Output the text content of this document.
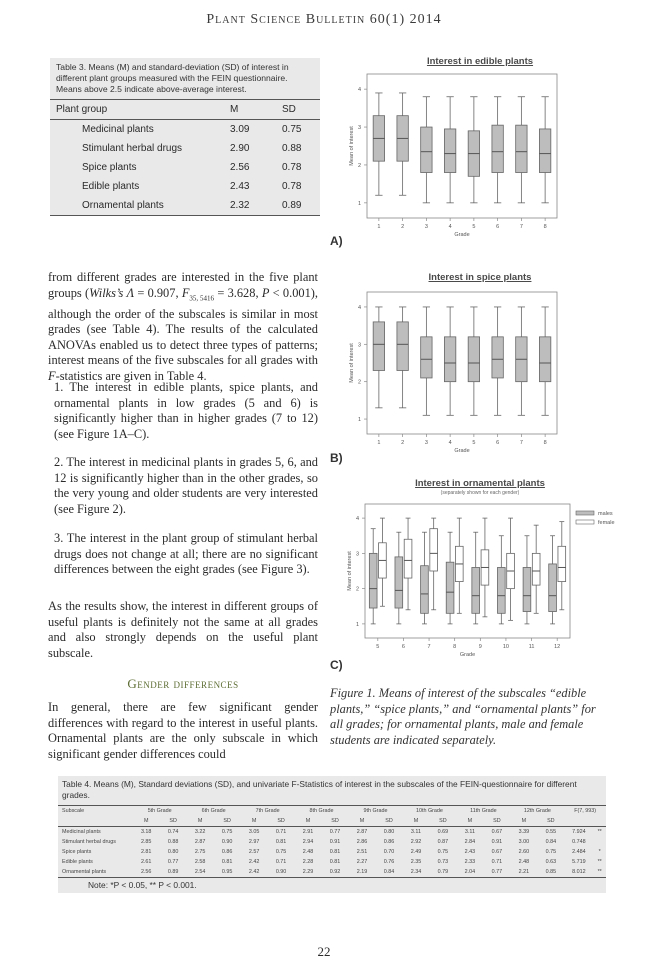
Plant Science Bulletin 60(1) 2014
Table 3. Means (M) and standard-deviation (SD) of interest in different plant groups measured with the FEIN questionnaire. Means above 2.5 indicate above-average interest.
Plant group	M	SD
Medicinal plants	3.09	0.75
Stimulant herbal drugs	2.90	0.88
Spice plants	2.56	0.78
Edible plants	2.43	0.78
Ornamental plants	2.32	0.89
from different grades are interested in the five plant groups (Wilks’s Λ = 0.907, $F_{35, 5416} = 3.628$, P < 0.001), although the order of the subscales is similar in most grades (see Table 4). The results of the calculated ANOVAs enabled us to detect three types of patterns; interest means of the five subscales for all grades with F-statistics are given in Table 4.
1. The interest in edible plants, spice plants, and ornamental plants in low grades (5 and 6) is significantly higher than in higher grades (7 to 12) (see Figure 1A–C).
2. The interest in medicinal plants in grades 5, 6, and 12 is significantly higher than in the other grades, so the very young and older students are very interested (see Figure 2).
3. The interest in the plant group of stimulant herbal drugs does not change at all; there are no significant differences between the eight grades (see Figure 3).
As the results show, the interest in different groups of useful plants is definitely not the same at all grades and also strongly depends on the useful plant subscale.
Gender differences
In general, there are few significant gender differences with regard to the interest in useful plants. Ornamental plants are the only subscale in which significant gender differences could
Interest in edible plants
1
2
3
4
1	2	3	4	5	6	7	8
Grade
Mean of interest
A)
Interest in spice plants
1
2
3
4
1	2	3	4	5	6	7	8
Grade
Mean of interest
B)
Interest in ornamental plants
(separately shown for each gender)
1
2
3
4
5	6	7	8	9	10	11	12
Grade
Mean of interest
males
female
C)
Figure 1. Means of interest of the subscales “edible plants,” “spice plants,” and “ornamental plants” for all grades; for ornamental plants, male and female students are indicated separately.
Table 4. Means (M), Standard deviations (SD), and univariate F-Statistics of interest in the subscales of the FEIN-questionnaire for different grades.
Subscale	5th Grade		6th Grade		7th Grade		8th Grade		9th Grade		10th Grade		11th Grade		12th Grade		F(7, 993)	
	M	SD	M	SD	M	SD	M	SD	M	SD	M	SD	M	SD	M	SD		
Medicinal plants	3.18	0.74	3.22	0.75	3.05	0.71	2.91	0.77	2.87	0.80	3.11	0.69	3.11	0.67	3.39	0.55	7.924	**
Stimulant herbal drugs	2.85	0.88	2.87	0.90	2.97	0.81	2.94	0.91	2.86	0.86	2.92	0.87	2.84	0.91	3.00	0.84	0.748	
Spice plants	2.81	0.80	2.75	0.86	2.57	0.75	2.48	0.81	2.51	0.70	2.49	0.75	2.43	0.67	2.60	0.75	2.484	*
Edible plants	2.61	0.77	2.58	0.81	2.42	0.71	2.28	0.81	2.27	0.76	2.35	0.73	2.33	0.71	2.48	0.63	5.719	**
Ornamental plants	2.56	0.89	2.54	0.95	2.42	0.90	2.29	0.92	2.19	0.84	2.34	0.79	2.04	0.77	2.21	0.85	8.012	**
Note: *P < 0.05, ** P < 0.001.
22
